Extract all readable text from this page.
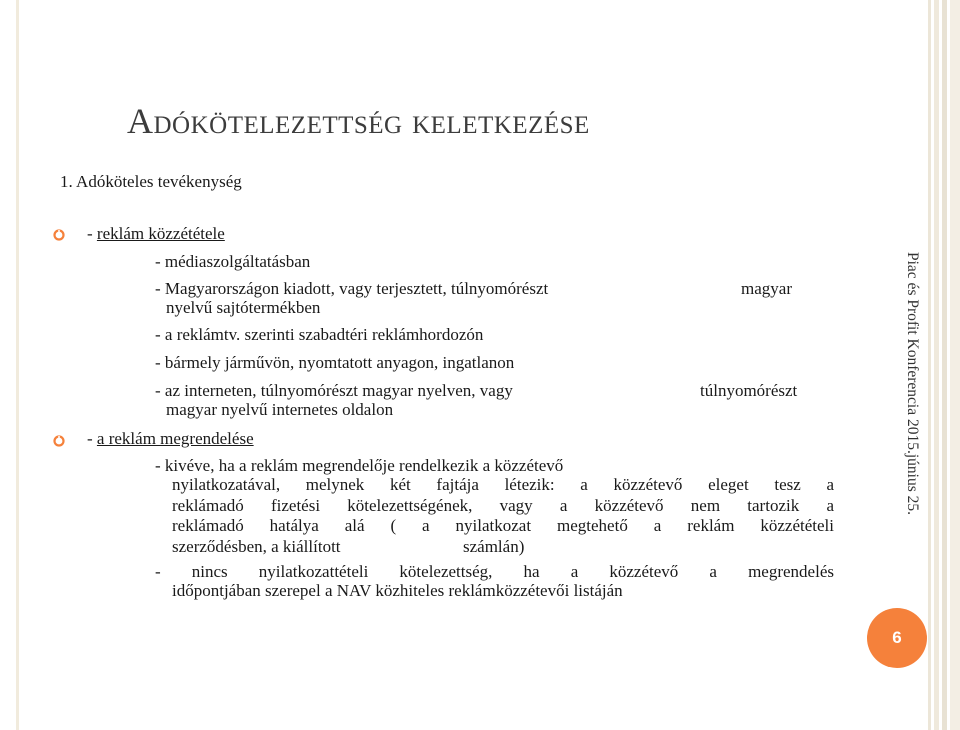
Adókötelezettség keletkezése
1. Adóköteles tevékenység
- reklám közzététele
- médiaszolgáltatásban
- Magyarországon kiadott, vagy terjesztett, túlnyomórészt	magyar
nyelvű sajtótermékben
- a reklámtv. szerinti szabadtéri reklámhordozón
- bármely járművön, nyomtatott anyagon, ingatlanon
- az interneten, túlnyomórészt magyar nyelven, vagy	túlnyomórészt
magyar nyelvű internetes oldalon
- a reklám megrendelése
- kivéve, ha a reklám megrendelője rendelkezik a közzétevő
nyilatkozatával, melynek két fajtája létezik: a közzétevő eleget tesz a
reklámadó fizetési kötelezettségének, vagy a közzétevő nem tartozik a
reklámadó hatálya alá ( a nyilatkozat megtehető a reklám közzétételi
szerződésben, a kiállított	számlán)
- nincs nyilatkozattételi kötelezettség, ha a közzétevő a megrendelés
időpontjában szerepel a NAV közhiteles reklámközzétevői listáján
Piac és Profit Konferencia 2015.június 25.
6
